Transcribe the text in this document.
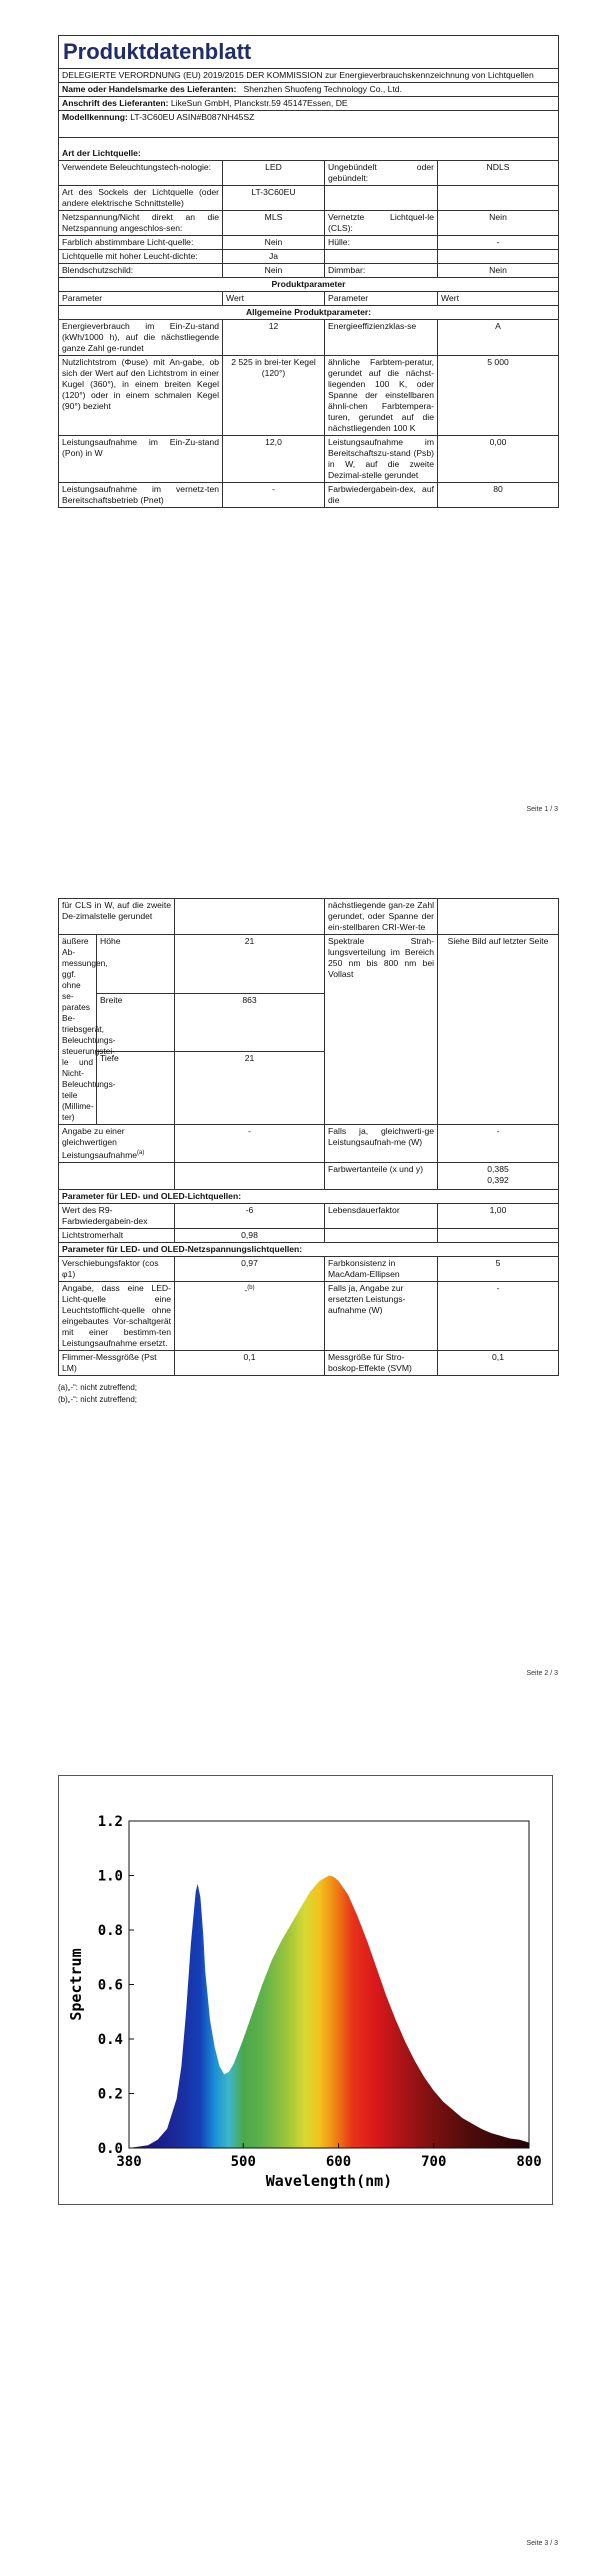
Produktdatenblatt			
DELEGIERTE VERORDNUNG (EU) 2019/2015 DER KOMMISSION zur Energieverbrauchskennzeichnung von Lichtquellen			
Name oder Handelsmarke des Lieferanten: Shenzhen Shuofeng Technology Co., Ltd.			
Anschrift des Lieferanten: LikeSun GmbH, Planckstr.59 45147Essen, DE			
Modellkennung: LT-3C60EU ASIN#B087NH45SZ			
Art der Lichtquelle:			
Verwendete Beleuchtungstech-nologie:	LED	Ungebündelt oder gebündelt:	NDLS
Art des Sockels der Lichtquelle (oder andere elektrische Schnittstelle)	LT-3C60EU		
Netzspannung/Nicht direkt an die Netzspannung angeschlos-sen:	MLS	Vernetzte Lichtquel-le (CLS):	Nein
Farblich abstimmbare Licht-quelle:	Nein	Hülle:	-
Lichtquelle mit hoher Leucht-dichte:	Ja		
Blendschutzschild:	Nein	Dimmbar:	Nein
Produktparameter			
Parameter	Wert	Parameter	Wert
Allgemeine Produktparameter:			
Energieverbrauch im Ein-Zu-stand (kWh/1000 h), auf die nächstliegende ganze Zahl ge-rundet	12	Energieeffizienzklas-se	A
Nutzlichtstrom (Φuse) mit An-gabe, ob sich der Wert auf den Lichtstrom in einer Kugel (360°), in einem breiten Kegel (120°) oder in einem schmalen Kegel (90°) bezieht	2 525 in brei-ter Kegel (120°)	ähnliche Farbtem-peratur, gerundet auf die nächst-liegenden 100 K, oder Spanne der einstellbaren ähnli-chen Farbtempera-turen, gerundet auf die nächstliegenden 100 K	5 000
Leistungsaufnahme im Ein-Zu-stand (Pon) in W	12,0	Leistungsaufnahme im Bereitschaftszu-stand (Psb) in W, auf die zweite Dezimal-stelle gerundet	0,00

Leistungsaufnahme im vernetz-ten Bereitschaftsbetrieb (Pnet)	-	Farbwiedergabein-dex, auf die	80
Seite 1 / 3
für CLS in W, auf die zweite De-zimalstelle gerundet			nächstliegende gan-ze Zahl gerundet, oder Spanne der ein-stellbaren CRI-Wer-te	
äußere Ab-messungen, ggf. ohne se-parates Be-triebsgerät, Beleuchtungs-steuerungstei-le und Nicht-Beleuchtungs-teile (Millime-ter)	Höhe	21	Spektrale Strah-lungsverteilung im Bereich 250 nm bis 800 nm bei Vollast	Siehe Bild auf letzter Seite
	Breite	863		
	Tiefe	21		
Angabe zu einer gleichwertigen Leistungsaufnahme$^{(a)}$		-	Falls ja, gleichwerti-ge Leistungsaufnah-me (W)	-
			Farbwertanteile (x und y)	0,385
0,392
Parameter für LED- und OLED-Lichtquellen:				
Wert des R9-Farbwiedergabein-dex		-6	Lebensdauerfaktor	1,00
Lichtstromerhalt		0,98		
Parameter für LED- und OLED-Netzspannungslichtquellen:				
Verschiebungsfaktor (cos φ1)		0,97	Farbkonsistenz in MacAdam-Ellipsen	5
Angabe, dass eine LED-Licht-quelle eine Leuchtstofflicht-quelle ohne eingebautes Vor-schaltgerät mit einer bestimm-ten Leistungsaufnahme ersetzt.		-$^{(b)}$	Falls ja, Angabe zur ersetzten Leistungs-aufnahme (W)	-
Flimmer-Messgröße (Pst LM)		0,1	Messgröße für Stro-boskop-Effekte (SVM)	0,1
(a)„-“: nicht zutreffend;
(b)„-“: nicht zutreffend;
Seite 2 / 3
0.0
0.2
0.4
0.6
0.8
1.0
1.2
380	500	600	700	800
Wavelength(nm)
Spectrum
Seite 3 / 3
